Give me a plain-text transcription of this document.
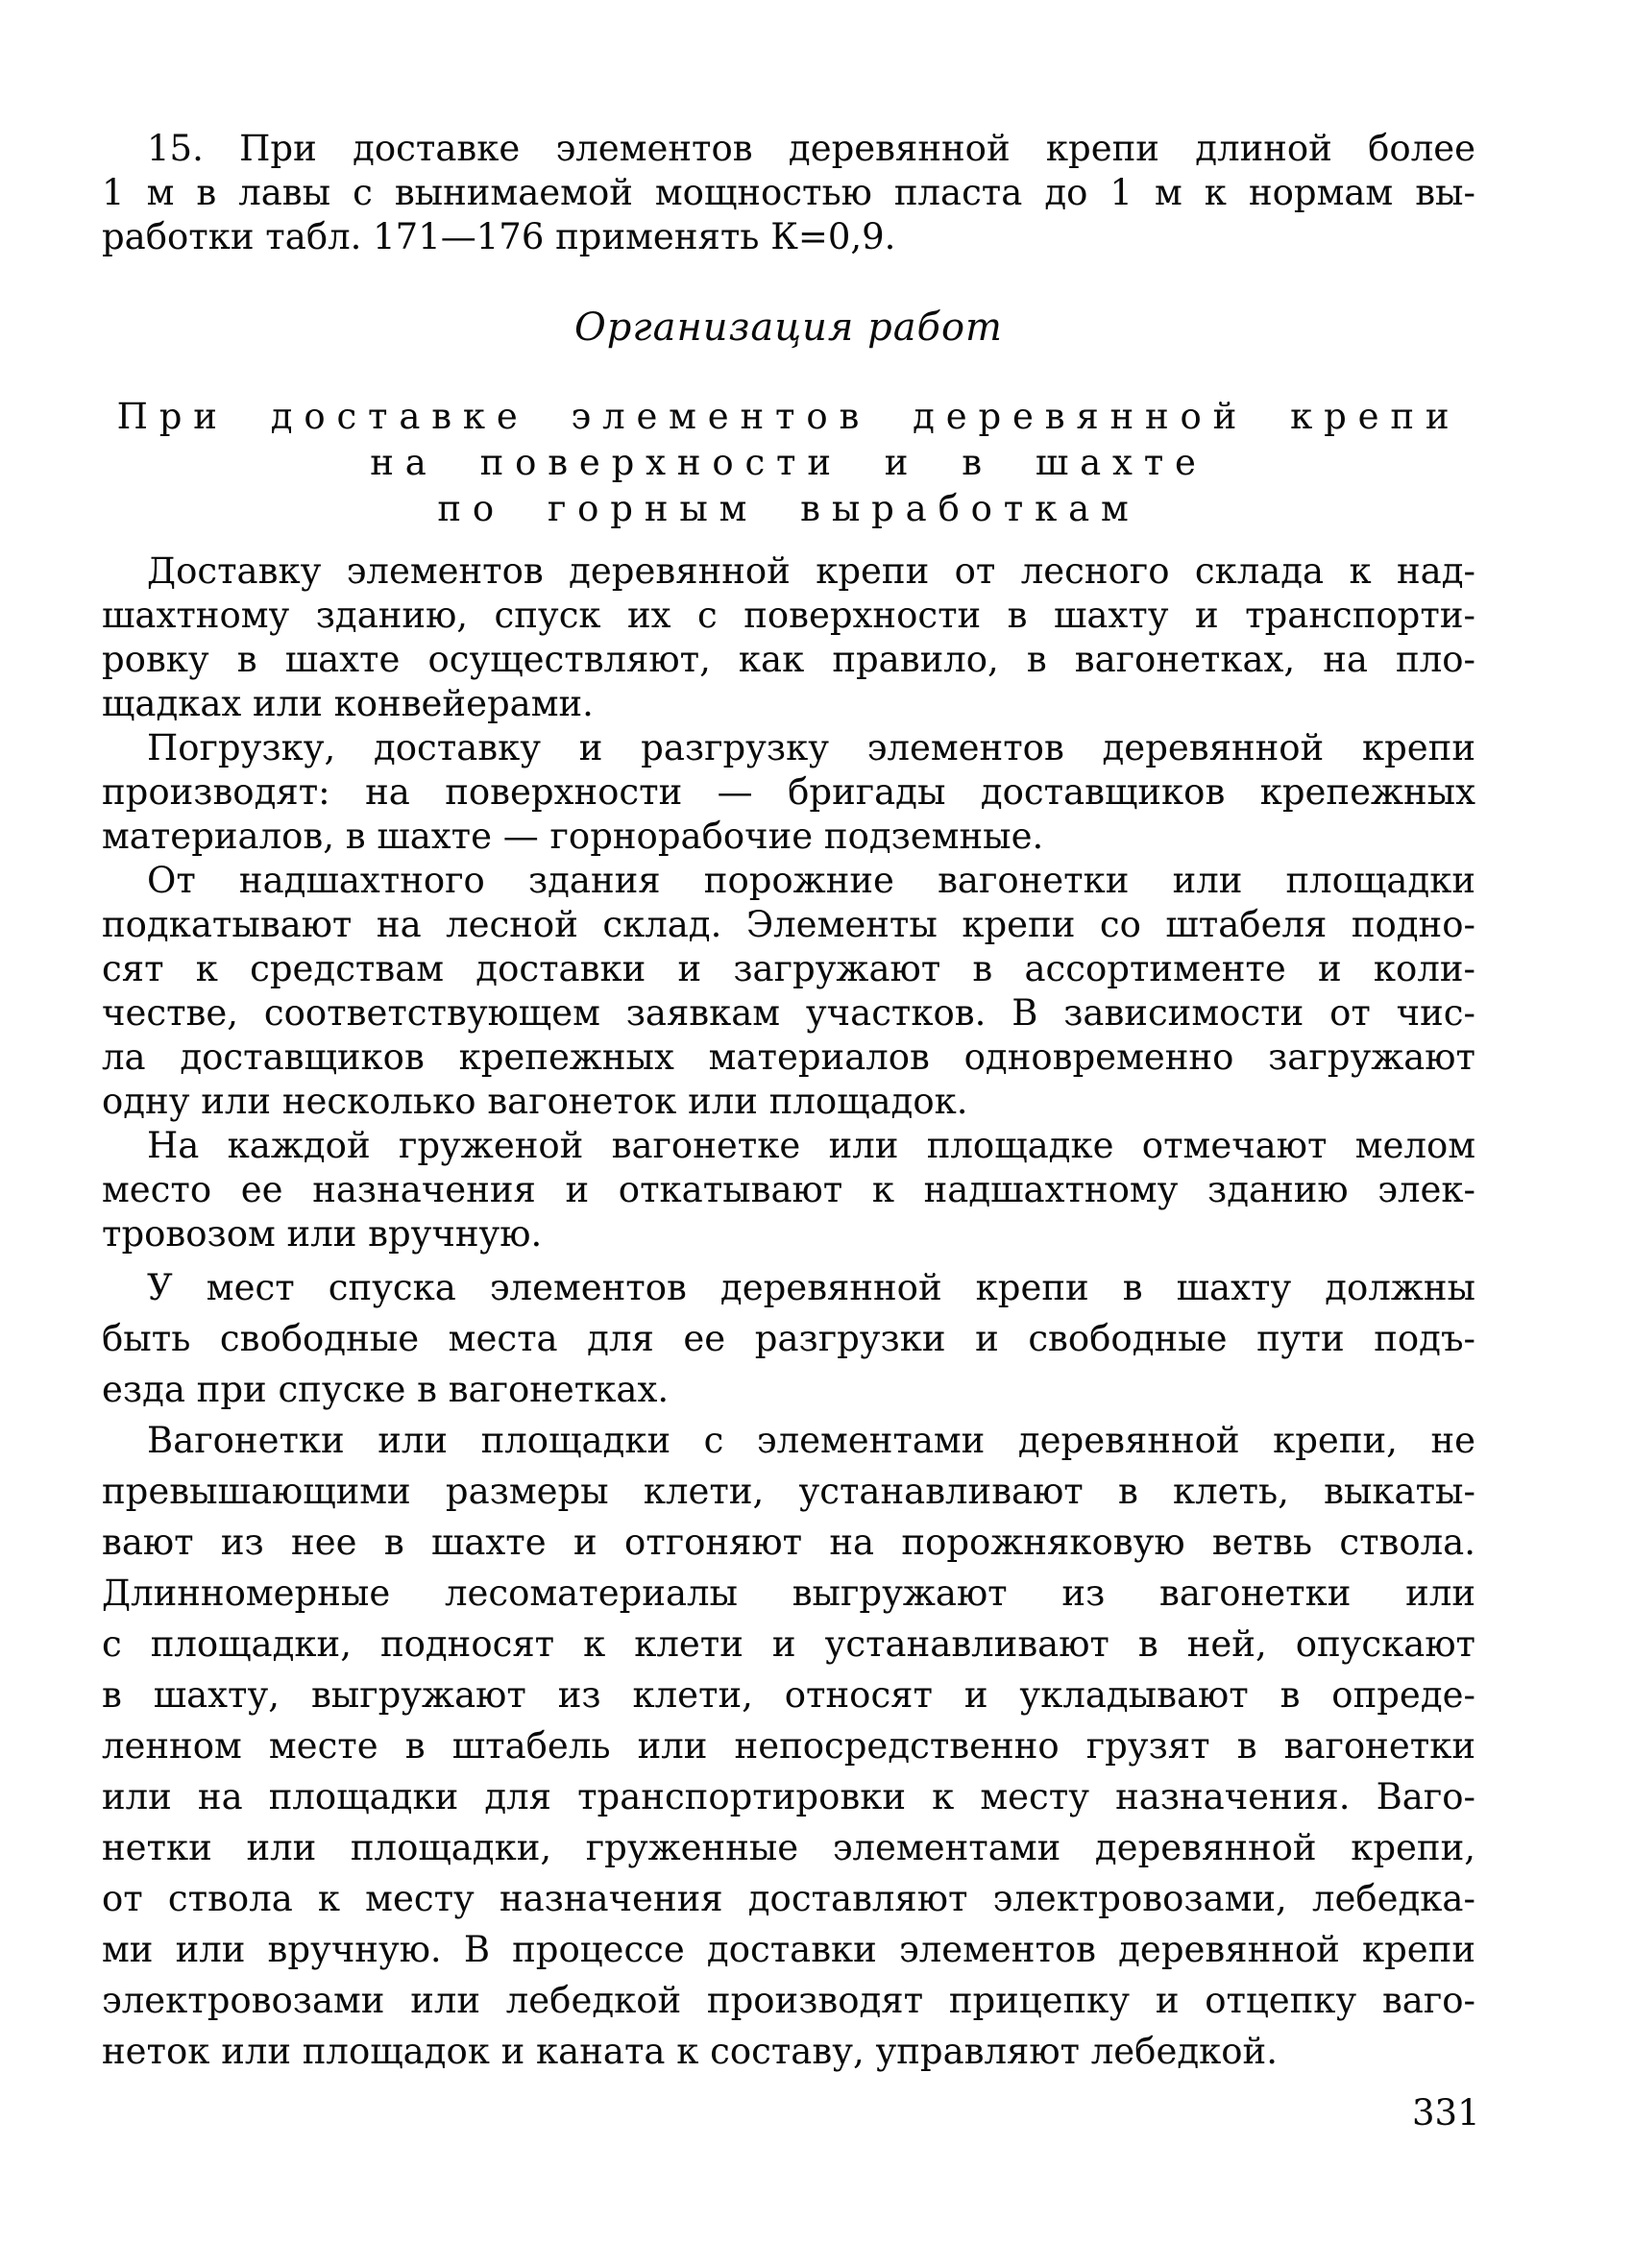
15. При доставке элементов деревянной крепи длиной более
1 м в лавы с вынимаемой мощностью пласта до 1 м к нормам вы-
работки табл. 171—176 применять К=0,9.
Организация работ
При доставке элементов деревянной крепи
на поверхности и в шахте
по горным выработкам
Доставку элементов деревянной крепи от лесного склада к над-
шахтному зданию, спуск их с поверхности в шахту и транспорти-
ровку в шахте осуществляют, как правило, в вагонетках, на пло-
щадках или конвейерами.
Погрузку, доставку и разгрузку элементов деревянной крепи
производят: на поверхности — бригады доставщиков крепежных
материалов, в шахте — горнорабочие подземные.
От надшахтного здания порожние вагонетки или площадки
подкатывают на лесной склад. Элементы крепи со штабеля подно-
сят к средствам доставки и загружают в ассортименте и коли-
честве, соответствующем заявкам участков. В зависимости от чис-
ла доставщиков крепежных материалов одновременно загружают
одну или несколько вагонеток или площадок.
На каждой груженой вагонетке или площадке отмечают мелом
место ее назначения и откатывают к надшахтному зданию элек-
тровозом или вручную.
У мест спуска элементов деревянной крепи в шахту должны
быть свободные места для ее разгрузки и свободные пути подъ-
езда при спуске в вагонетках.
Вагонетки или площадки с элементами деревянной крепи, не
превышающими размеры клети, устанавливают в клеть, выкаты-
вают из нее в шахте и отгоняют на порожняковую ветвь ствола.
Длинномерные лесоматериалы выгружают из вагонетки или
с площадки, подносят к клети и устанавливают в ней, опускают
в шахту, выгружают из клети, относят и укладывают в опреде-
ленном месте в штабель или непосредственно грузят в вагонетки
или на площадки для транспортировки к месту назначения. Ваго-
нетки или площадки, груженные элементами деревянной крепи,
от ствола к месту назначения доставляют электровозами, лебедка-
ми или вручную. В процессе доставки элементов деревянной крепи
электровозами или лебедкой производят прицепку и отцепку ваго-
неток или площадок и каната к составу, управляют лебедкой.
331
